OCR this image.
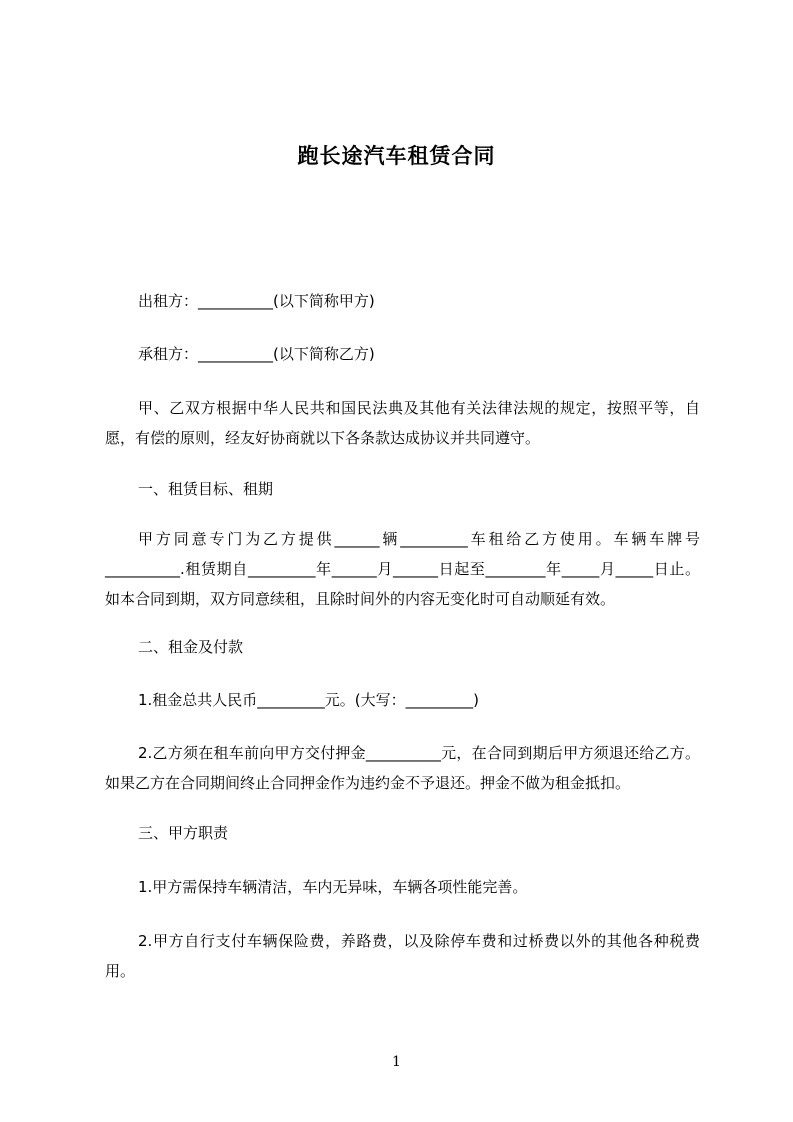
跑长途汽车租赁合同

出租方：__________(以下简称甲方)

承租方：__________(以下简称乙方)

甲、乙双方根据中华人民共和国民法典及其他有关法律法规的规定，按照平等，自愿，有偿的原则，经友好协商就以下各条款达成协议并共同遵守。

一、租赁目标、租期

甲方同意专门为乙方提供______辆_________车租给乙方使用。车辆车牌号__________.租赁期自_________年______月______日起至________年_____月_____日止。如本合同到期，双方同意续租，且除时间外的内容无变化时可自动顺延有效。

二、租金及付款

1.租金总共人民币_________元。(大写：_________)

2.乙方须在租车前向甲方交付押金__________元，在合同到期后甲方须退还给乙方。如果乙方在合同期间终止合同押金作为违约金不予退还。押金不做为租金抵扣。

三、甲方职责

1.甲方需保持车辆清洁，车内无异味，车辆各项性能完善。

2.甲方自行支付车辆保险费，养路费，以及除停车费和过桥费以外的其他各种税费用。

1
